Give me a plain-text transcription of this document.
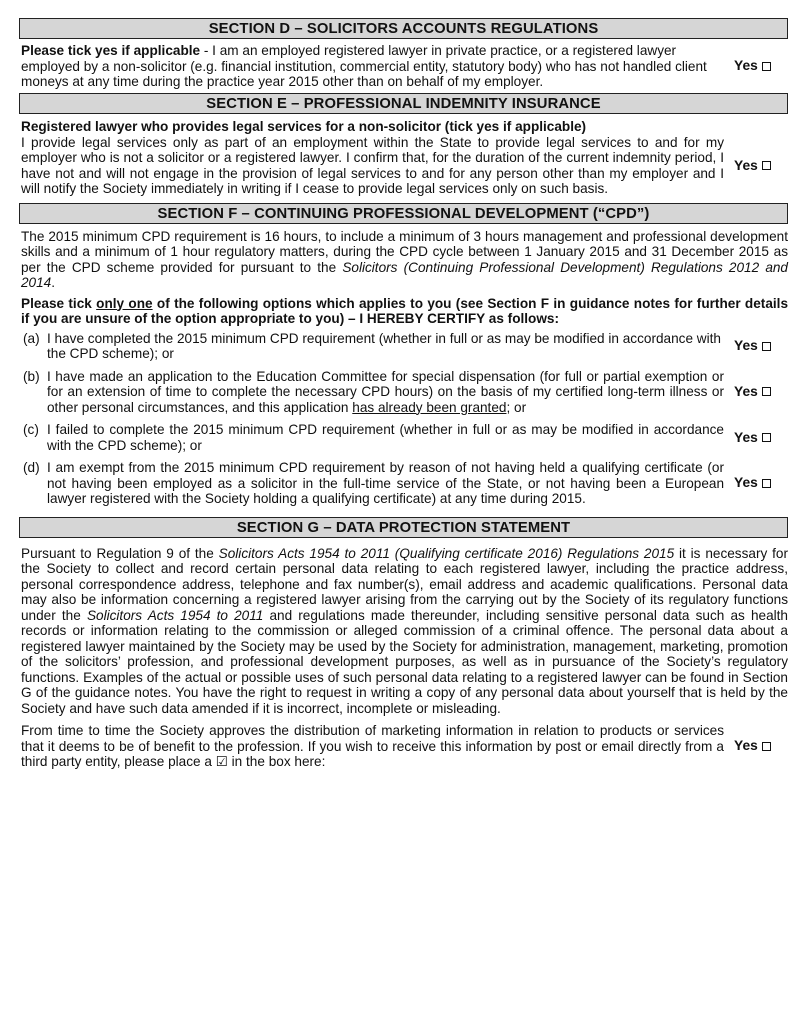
SECTION D – SOLICITORS ACCOUNTS REGULATIONS
Please tick yes if applicable - I am an employed registered lawyer in private practice, or a registered lawyer employed by a non-solicitor (e.g. financial institution, commercial entity, statutory body) who has not handled client moneys at any time during the practice year 2015 other than on behalf of my employer.
Yes
SECTION E – PROFESSIONAL INDEMNITY INSURANCE
Registered lawyer who provides legal services for a non-solicitor (tick yes if applicable)
I provide legal services only as part of an employment within the State to provide legal services to and for my employer who is not a solicitor or a registered lawyer. I confirm that, for the duration of the current indemnity period, I have not and will not engage in the provision of legal services to and for any person other than my employer and I will notify the Society immediately in writing if I cease to provide legal services only on such basis.
Yes
SECTION F – CONTINUING PROFESSIONAL DEVELOPMENT (“CPD”)
The 2015 minimum CPD requirement is 16 hours, to include a minimum of 3 hours management and professional development skills and a minimum of 1 hour regulatory matters, during the CPD cycle between 1 January 2015 and 31 December 2015 as per the CPD scheme provided for pursuant to the Solicitors (Continuing Professional Development) Regulations 2012 and 2014.
Please tick only one of the following options which applies to you (see Section F in guidance notes for further details if you are unsure of the option appropriate to you) – I HEREBY CERTIFY as follows:
(a) I have completed the 2015 minimum CPD requirement (whether in full or as may be modified in accordance with the CPD scheme); or
Yes
(b) I have made an application to the Education Committee for special dispensation (for full or partial exemption or for an extension of time to complete the necessary CPD hours) on the basis of my certified long-term illness or other personal circumstances, and this application has already been granted; or
Yes
(c) I failed to complete the 2015 minimum CPD requirement (whether in full or as may be modified in accordance with the CPD scheme); or
Yes
(d) I am exempt from the 2015 minimum CPD requirement by reason of not having held a qualifying certificate (or not having been employed as a solicitor in the full-time service of the State, or not having been a European lawyer registered with the Society holding a qualifying certificate) at any time during 2015.
Yes
SECTION G – DATA PROTECTION STATEMENT
Pursuant to Regulation 9 of the Solicitors Acts 1954 to 2011 (Qualifying certificate 2016) Regulations 2015 it is necessary for the Society to collect and record certain personal data relating to each registered lawyer, including the practice address, personal correspondence address, telephone and fax number(s), email address and academic qualifications. Personal data may also be information concerning a registered lawyer arising from the carrying out by the Society of its regulatory functions under the Solicitors Acts 1954 to 2011 and regulations made thereunder, including sensitive personal data such as health records or information relating to the commission or alleged commission of a criminal offence. The personal data about a registered lawyer maintained by the Society may be used by the Society for administration, management, marketing, promotion of the solicitors’ profession, and professional development purposes, as well as in pursuance of the Society’s regulatory functions. Examples of the actual or possible uses of such personal data relating to a registered lawyer can be found in Section G of the guidance notes. You have the right to request in writing a copy of any personal data about yourself that is held by the Society and have such data amended if it is incorrect, incomplete or misleading.
From time to time the Society approves the distribution of marketing information in relation to products or services that it deems to be of benefit to the profession. If you wish to receive this information by post or email directly from a third party entity, please place a ☑ in the box here:
Yes
